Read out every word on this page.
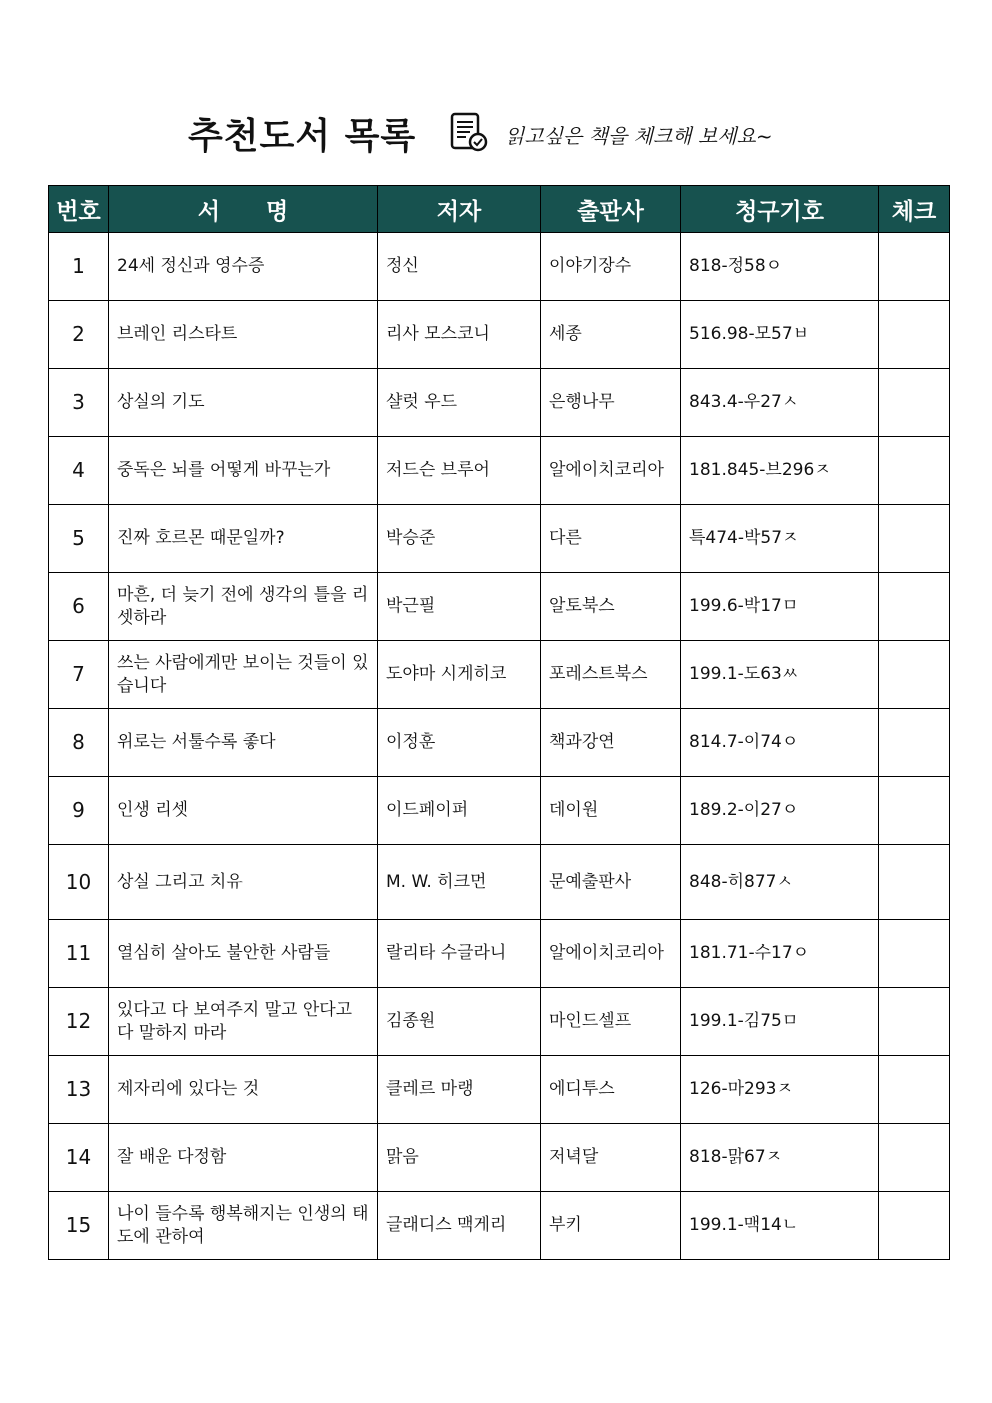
추천도서 목록	읽고싶은 책을 체크해 보세요~
번호	서　　명	저자	출판사	청구기호	체크
1	24세 정신과 영수증	정신	이야기장수	818-정58ㅇ	
2	브레인 리스타트	리사 모스코니	세종	516.98-모57ㅂ	
3	상실의 기도	샬럿 우드	은행나무	843.4-우27ㅅ	
4	중독은 뇌를 어떻게 바꾸는가	저드슨 브루어	알에이치코리아	181.845-브296ㅈ	
5	진짜 호르몬 때문일까?	박승준	다른	특474-박57ㅈ	
6	마흔, 더 늦기 전에 생각의 틀을 리셋하라	박근필	알토북스	199.6-박17ㅁ	
7	쓰는 사람에게만 보이는 것들이 있습니다	도야마 시게히코	포레스트북스	199.1-도63ㅆ	
8	위로는 서툴수록 좋다	이정훈	책과강연	814.7-이74ㅇ	
9	인생 리셋	이드페이퍼	데이원	189.2-이27ㅇ	
10	상실 그리고 치유	M. W. 히크먼	문예출판사	848-히877ㅅ	
11	열심히 살아도 불안한 사람들	랄리타 수글라니	알에이치코리아	181.71-수17ㅇ	
12	있다고 다 보여주지 말고 안다고 다 말하지 마라	김종원	마인드셀프	199.1-김75ㅁ	
13	제자리에 있다는 것	클레르 마랭	에디투스	126-마293ㅈ	
14	잘 배운 다정함	맑음	저녁달	818-맑67ㅈ	
15	나이 들수록 행복해지는 인생의 태도에 관하여	글래디스 맥게리	부키	199.1-맥14ㄴ	
